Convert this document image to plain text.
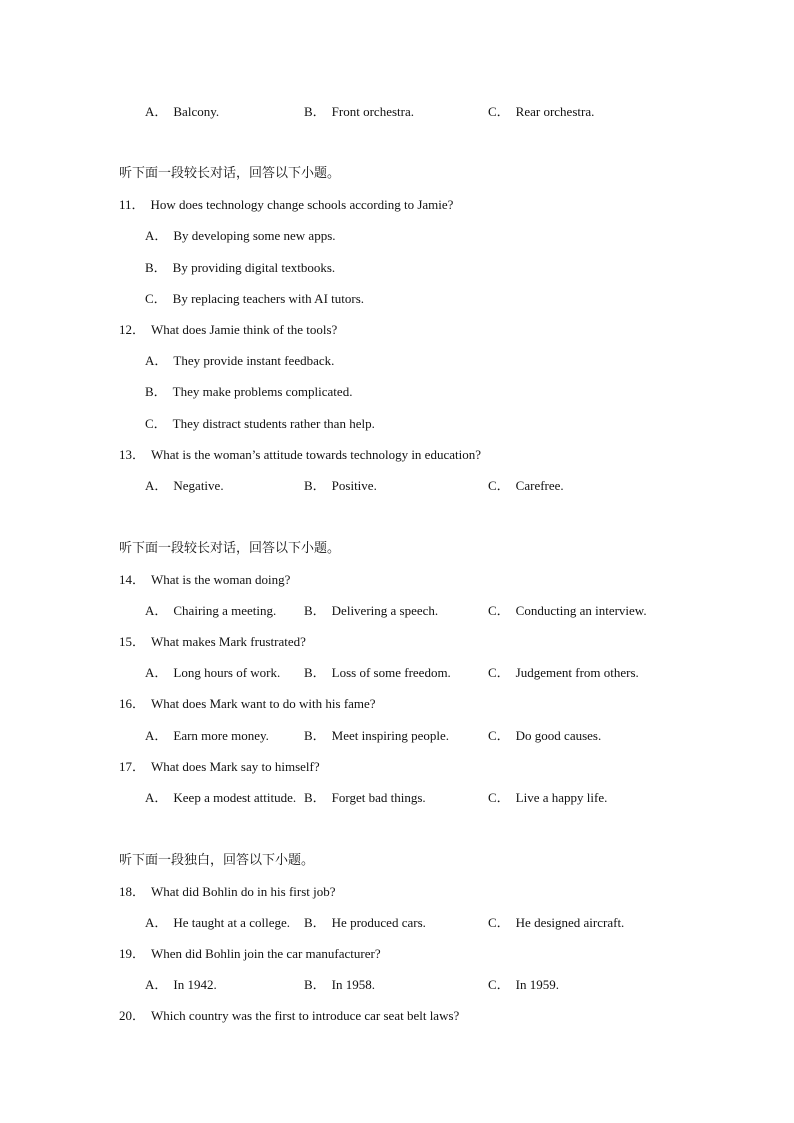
A． Balcony.	B． Front orchestra.	C． Rear orchestra.
听下面一段较长对话，回答以下小题。
11． How does technology change schools according to Jamie?
A． By developing some new apps.
B． By providing digital textbooks.
C． By replacing teachers with AI tutors.
12． What does Jamie think of the tools?
A． They provide instant feedback.
B． They make problems complicated.
C． They distract students rather than help.
13． What is the woman’s attitude towards technology in education?
A． Negative.	B． Positive.	C． Carefree.
听下面一段较长对话，回答以下小题。
14． What is the woman doing?
A． Chairing a meeting. B． Delivering a speech.	C． Conducting an interview.
15． What makes Mark frustrated?
A． Long hours of work. B． Loss of some freedom.	C． Judgement from others.
16． What does Mark want to do with his fame?
A． Earn more money.	B． Meet inspiring people.	C． Do good causes.
17． What does Mark say to himself?
A． Keep a modest attitude. B． Forget bad things.	C． Live a happy life.
听下面一段独白，回答以下小题。
18． What did Bohlin do in his first job?
A． He taught at a college. B． He produced cars.	C． He designed aircraft.
19． When did Bohlin join the car manufacturer?
A． In 1942.	B． In 1958.	C． In 1959.
20． Which country was the first to introduce car seat belt laws?
